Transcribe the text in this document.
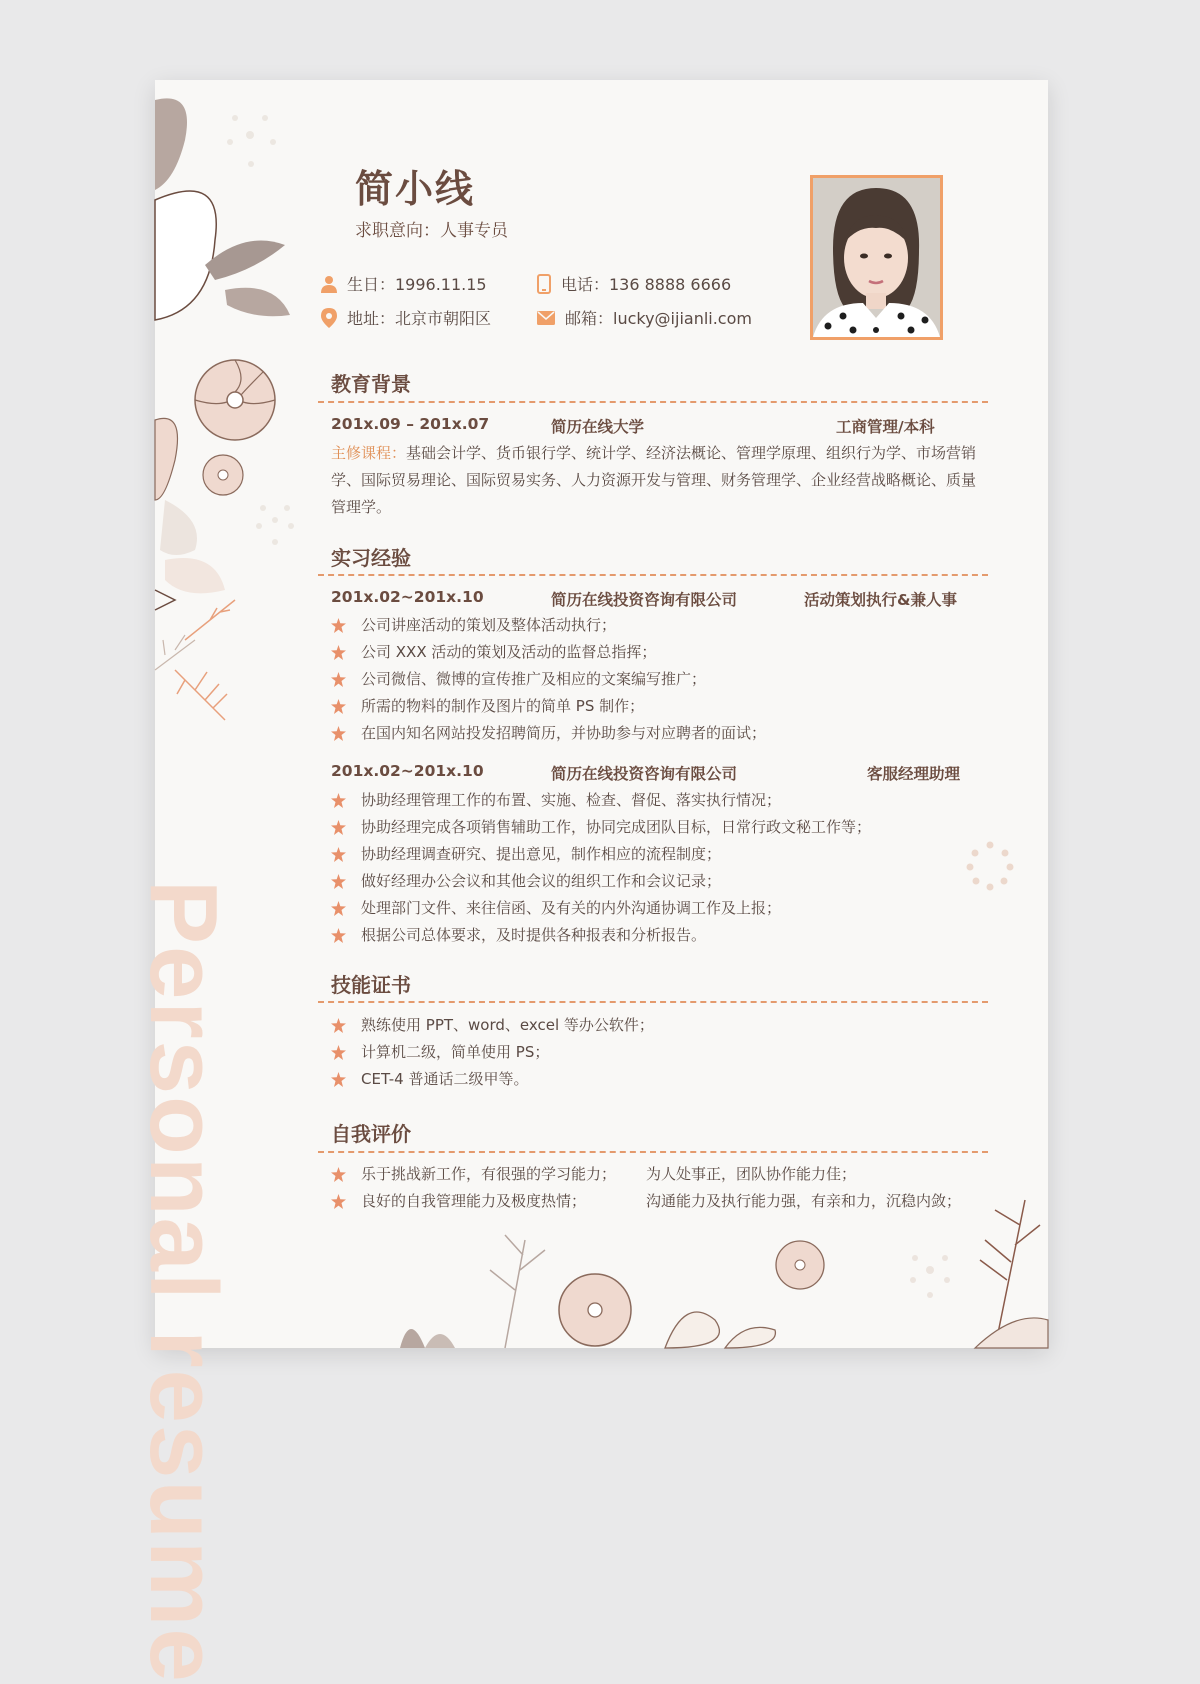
Personal resume
简小线
求职意向：人事专员
生日：1996.11.15	电话：136 8888 6666
地址：北京市朝阳区	邮箱：lucky@ijianli.com
教育背景
201x.09 – 201x.07	简历在线大学	工商管理/本科
主修课程：基础会计学、货币银行学、统计学、经济法概论、管理学原理、组织行为学、市场营销学、国际贸易理论、国际贸易实务、人力资源开发与管理、财务管理学、企业经营战略概论、质量管理学。
实习经验
201x.02~201x.10	简历在线投资咨询有限公司	活动策划执行&兼人事
公司讲座活动的策划及整体活动执行；
公司 XXX 活动的策划及活动的监督总指挥；
公司微信、微博的宣传推广及相应的文案编写推广；
所需的物料的制作及图片的简单 PS 制作；
在国内知名网站投发招聘简历，并协助参与对应聘者的面试；
201x.02~201x.10	简历在线投资咨询有限公司	客服经理助理
协助经理管理工作的布置、实施、检查、督促、落实执行情况；
协助经理完成各项销售辅助工作，协同完成团队目标，日常行政文秘工作等；
协助经理调查研究、提出意见，制作相应的流程制度；
做好经理办公会议和其他会议的组织工作和会议记录；
处理部门文件、来往信函、及有关的内外沟通协调工作及上报；
根据公司总体要求，及时提供各种报表和分析报告。
技能证书
熟练使用 PPT、word、excel 等办公软件；
计算机二级，简单使用 PS；
CET-4 普通话二级甲等。
自我评价
乐于挑战新工作，有很强的学习能力； 为人处事正，团队协作能力佳；
良好的自我管理能力及极度热情；	沟通能力及执行能力强，有亲和力，沉稳内敛；
